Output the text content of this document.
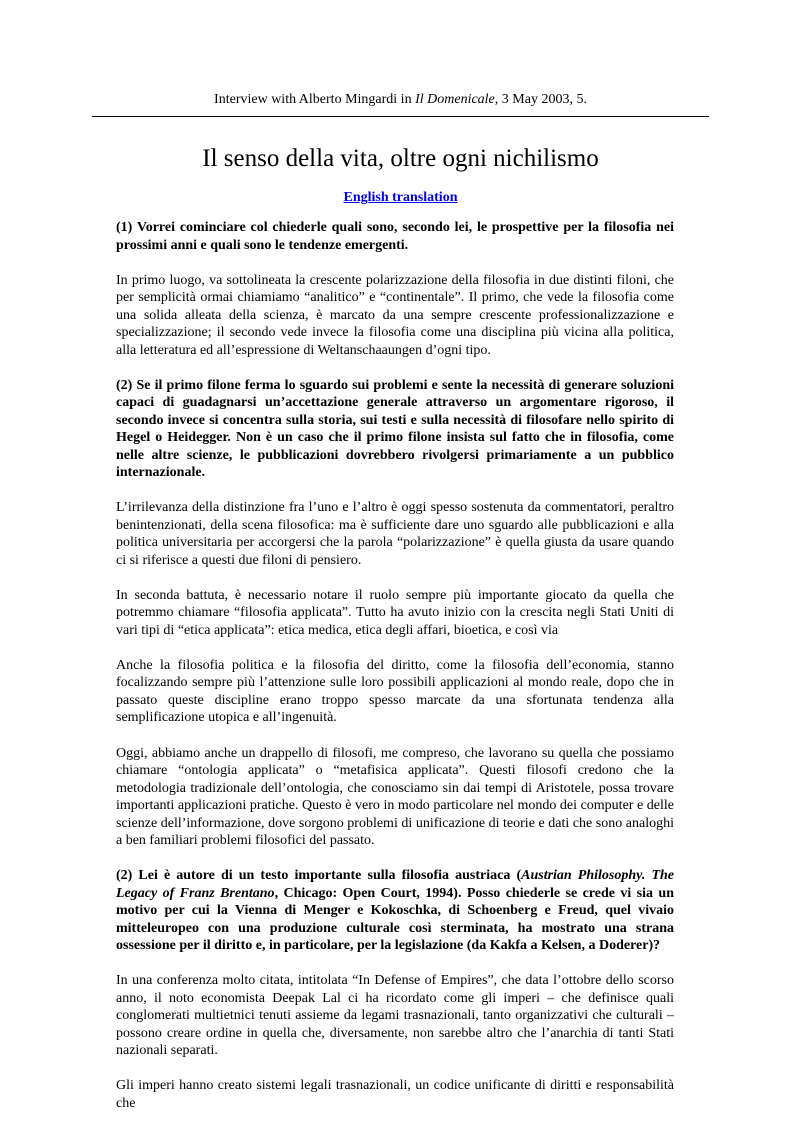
Interview with Alberto Mingardi in Il Domenicale, 3 May 2003, 5.
Il senso della vita, oltre ogni nichilismo
English translation

(1) Vorrei cominciare col chiederle quali sono, secondo lei, le prospettive per la filosofia nei prossimi anni e quali sono le tendenze emergenti.

In primo luogo, va sottolineata la crescente polarizzazione della filosofia in due distinti filoni, che per semplicità ormai chiamiamo “analitico” e “continentale”. Il primo, che vede la filosofia come una solida alleata della scienza, è marcato da una sempre crescente professionalizzazione e specializzazione; il secondo vede invece la filosofia come una disciplina più vicina alla politica, alla letteratura ed all’espressione di Weltanschaaungen d’ogni tipo.

(2) Se il primo filone ferma lo sguardo sui problemi e sente la necessità di generare soluzioni capaci di guadagnarsi un’accettazione generale attraverso un argomentare rigoroso, il secondo invece si concentra sulla storia, sui testi e sulla necessità di filosofare nello spirito di Hegel o Heidegger. Non è un caso che il primo filone insista sul fatto che in filosofia, come nelle altre scienze, le pubblicazioni dovrebbero rivolgersi primariamente a un pubblico internazionale.

L’irrilevanza della distinzione fra l’uno e l’altro è oggi spesso sostenuta da commentatori, peraltro benintenzionati, della scena filosofica: ma è sufficiente dare uno sguardo alle pubblicazioni e alla politica universitaria per accorgersi che la parola “polarizzazione” è quella giusta da usare quando ci si riferisce a questi due filoni di pensiero.

In seconda battuta, è necessario notare il ruolo sempre più importante giocato da quella che potremmo chiamare “filosofia applicata”. Tutto ha avuto inizio con la crescita negli Stati Uniti di vari tipi di “etica applicata”: etica medica, etica degli affari, bioetica, e così via

Anche la filosofia politica e la filosofia del diritto, come la filosofia dell’economia, stanno focalizzando sempre più l’attenzione sulle loro possibili applicazioni al mondo reale, dopo che in passato queste discipline erano troppo spesso marcate da una sfortunata tendenza alla semplificazione utopica e all’ingenuità.

Oggi, abbiamo anche un drappello di filosofi, me compreso, che lavorano su quella che possiamo chiamare “ontologia applicata” o “metafisica applicata”. Questi filosofi credono che la metodologia tradizionale dell’ontologia, che conosciamo sin dai tempi di Aristotele, possa trovare importanti applicazioni pratiche. Questo è vero in modo particolare nel mondo dei computer e delle scienze dell’informazione, dove sorgono problemi di unificazione di teorie e dati che sono analoghi a ben familiari problemi filosofici del passato.

(2) Lei è autore di un testo importante sulla filosofia austriaca (Austrian Philosophy. The Legacy of Franz Brentano, Chicago: Open Court, 1994). Posso chiederle se crede vi sia un motivo per cui la Vienna di Menger e Kokoschka, di Schoenberg e Freud, quel vivaio mitteleuropeo con una produzione culturale così sterminata, ha mostrato una strana ossessione per il diritto e, in particolare, per la legislazione (da Kakfa a Kelsen, a Doderer)?

In una conferenza molto citata, intitolata “In Defense of Empires”, che data l’ottobre dello scorso anno, il noto economista Deepak Lal ci ha ricordato come gli imperi – che definisce quali conglomerati multietnici tenuti assieme da legami trasnazionali, tanto organizzativi che culturali – possono creare ordine in quella che, diversamente, non sarebbe altro che l’anarchia di tanti Stati nazionali separati.

Gli imperi hanno creato sistemi legali trasnazionali, un codice unificante di diritti e responsabilità che
